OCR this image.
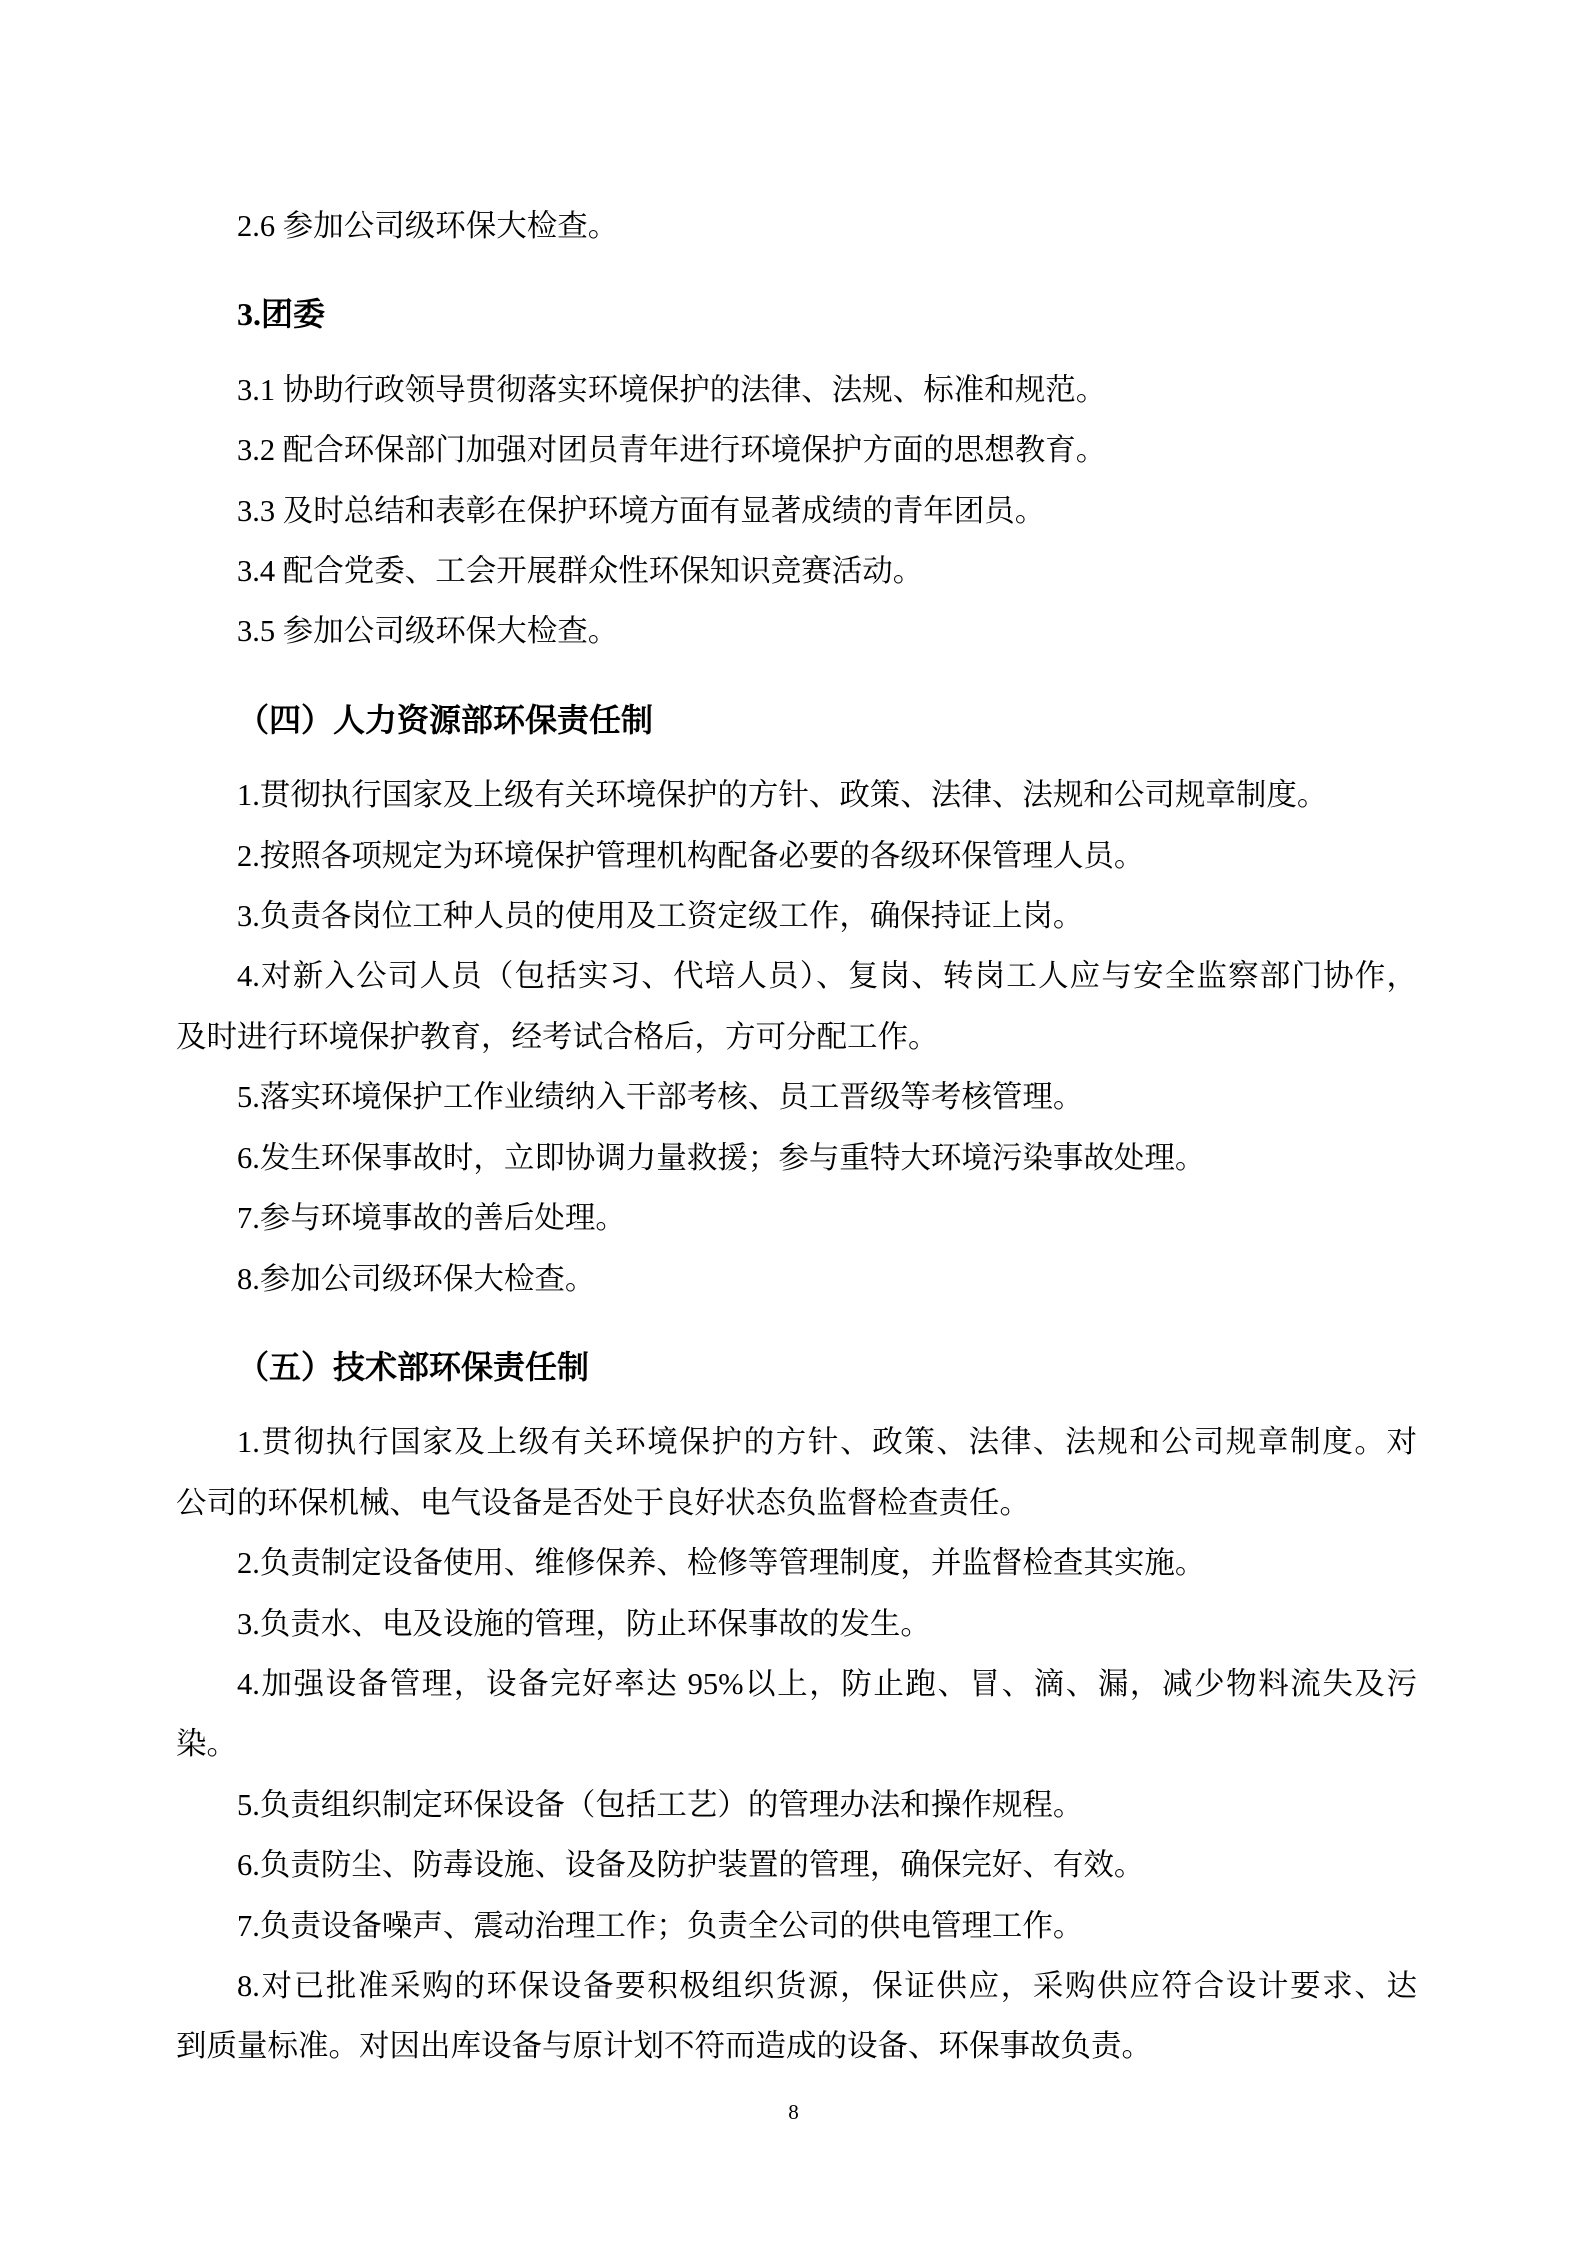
2.6 参加公司级环保大检查。
3.团委
3.1 协助行政领导贯彻落实环境保护的法律、法规、标准和规范。
3.2 配合环保部门加强对团员青年进行环境保护方面的思想教育。
3.3 及时总结和表彰在保护环境方面有显著成绩的青年团员。
3.4 配合党委、工会开展群众性环保知识竞赛活动。
3.5 参加公司级环保大检查。
（四）人力资源部环保责任制
1.贯彻执行国家及上级有关环境保护的方针、政策、法律、法规和公司规章制度。
2.按照各项规定为环境保护管理机构配备必要的各级环保管理人员。
3.负责各岗位工种人员的使用及工资定级工作，确保持证上岗。
4.对新入公司人员（包括实习、代培人员）、复岗、转岗工人应与安全监察部门协作，
及时进行环境保护教育，经考试合格后，方可分配工作。
5.落实环境保护工作业绩纳入干部考核、员工晋级等考核管理。
6.发生环保事故时，立即协调力量救援；参与重特大环境污染事故处理。
7.参与环境事故的善后处理。
8.参加公司级环保大检查。
（五）技术部环保责任制
1.贯彻执行国家及上级有关环境保护的方针、政策、法律、法规和公司规章制度。对
公司的环保机械、电气设备是否处于良好状态负监督检查责任。
2.负责制定设备使用、维修保养、检修等管理制度，并监督检查其实施。
3.负责水、电及设施的管理，防止环保事故的发生。
4.加强设备管理，设备完好率达 95%以上，防止跑、冒、滴、漏，减少物料流失及污
染。
5.负责组织制定环保设备（包括工艺）的管理办法和操作规程。
6.负责防尘、防毒设施、设备及防护装置的管理，确保完好、有效。
7.负责设备噪声、震动治理工作；负责全公司的供电管理工作。
8.对已批准采购的环保设备要积极组织货源，保证供应，采购供应符合设计要求、达
到质量标准。对因出库设备与原计划不符而造成的设备、环保事故负责。
8
